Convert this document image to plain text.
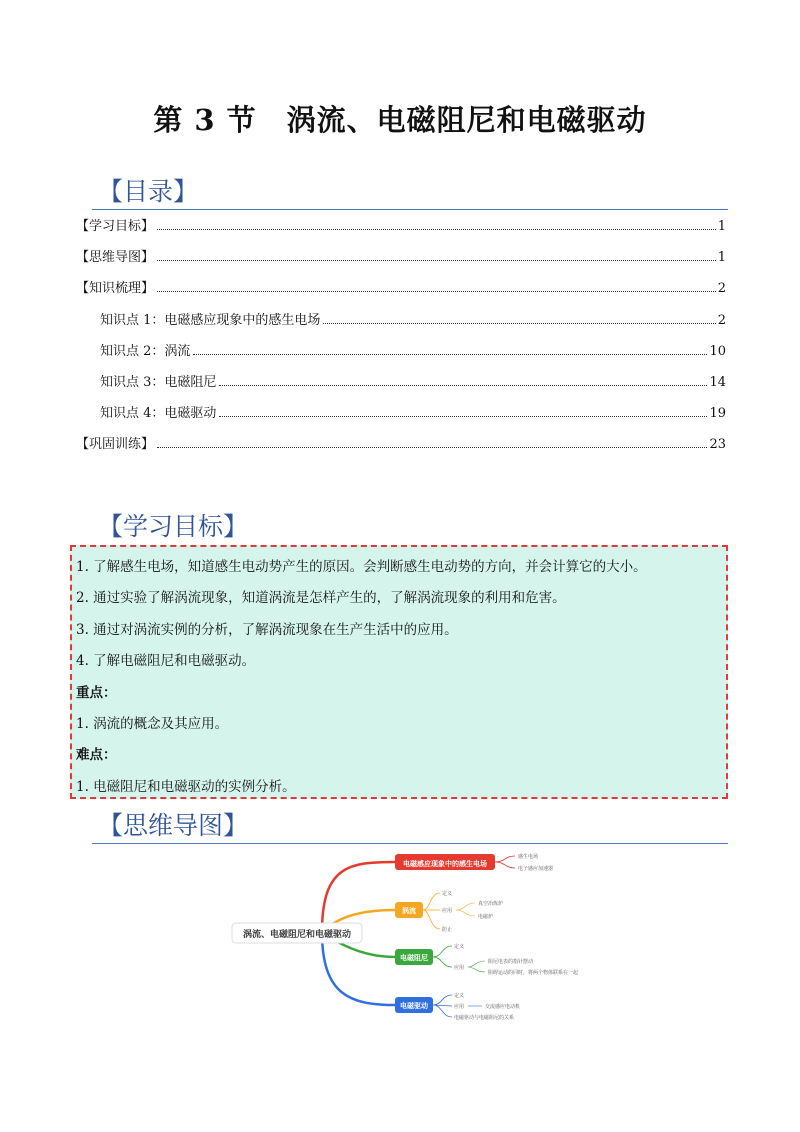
第 3 节　涡流、电磁阻尼和电磁驱动
【目录】
【学习目标】	1
【思维导图】	1
【知识梳理】	2
知识点 1：电磁感应现象中的感生电场	2
知识点 2：涡流	10
知识点 3：电磁阻尼	14
知识点 4：电磁驱动	19
【巩固训练】	23
【学习目标】
1. 了解感生电场，知道感生电动势产生的原因。会判断感生电动势的方向，并会计算它的大小。
2. 通过实验了解涡流现象，知道涡流是怎样产生的，了解涡流现象的利用和危害。
3. 通过对涡流实例的分析，了解涡流现象在生产生活中的应用。
4. 了解电磁阻尼和电磁驱动。
重点：
1. 涡流的概念及其应用。
难点：
1. 电磁阻尼和电磁驱动的实例分析。
【思维导图】
涡流、电磁阻尼和电磁驱动
电磁感应现象中的感生电场
感生电场
电子感应加速器
涡流
定义
应用
防止
真空冶炼炉
电磁炉
电磁阻尼
定义
应用
阻尼电表的指针摆动
阻碍运动的同时，将两个物体联系在一起
电磁驱动
定义
应用
电磁驱动与电磁阻尼的关系
交流感应电动机
